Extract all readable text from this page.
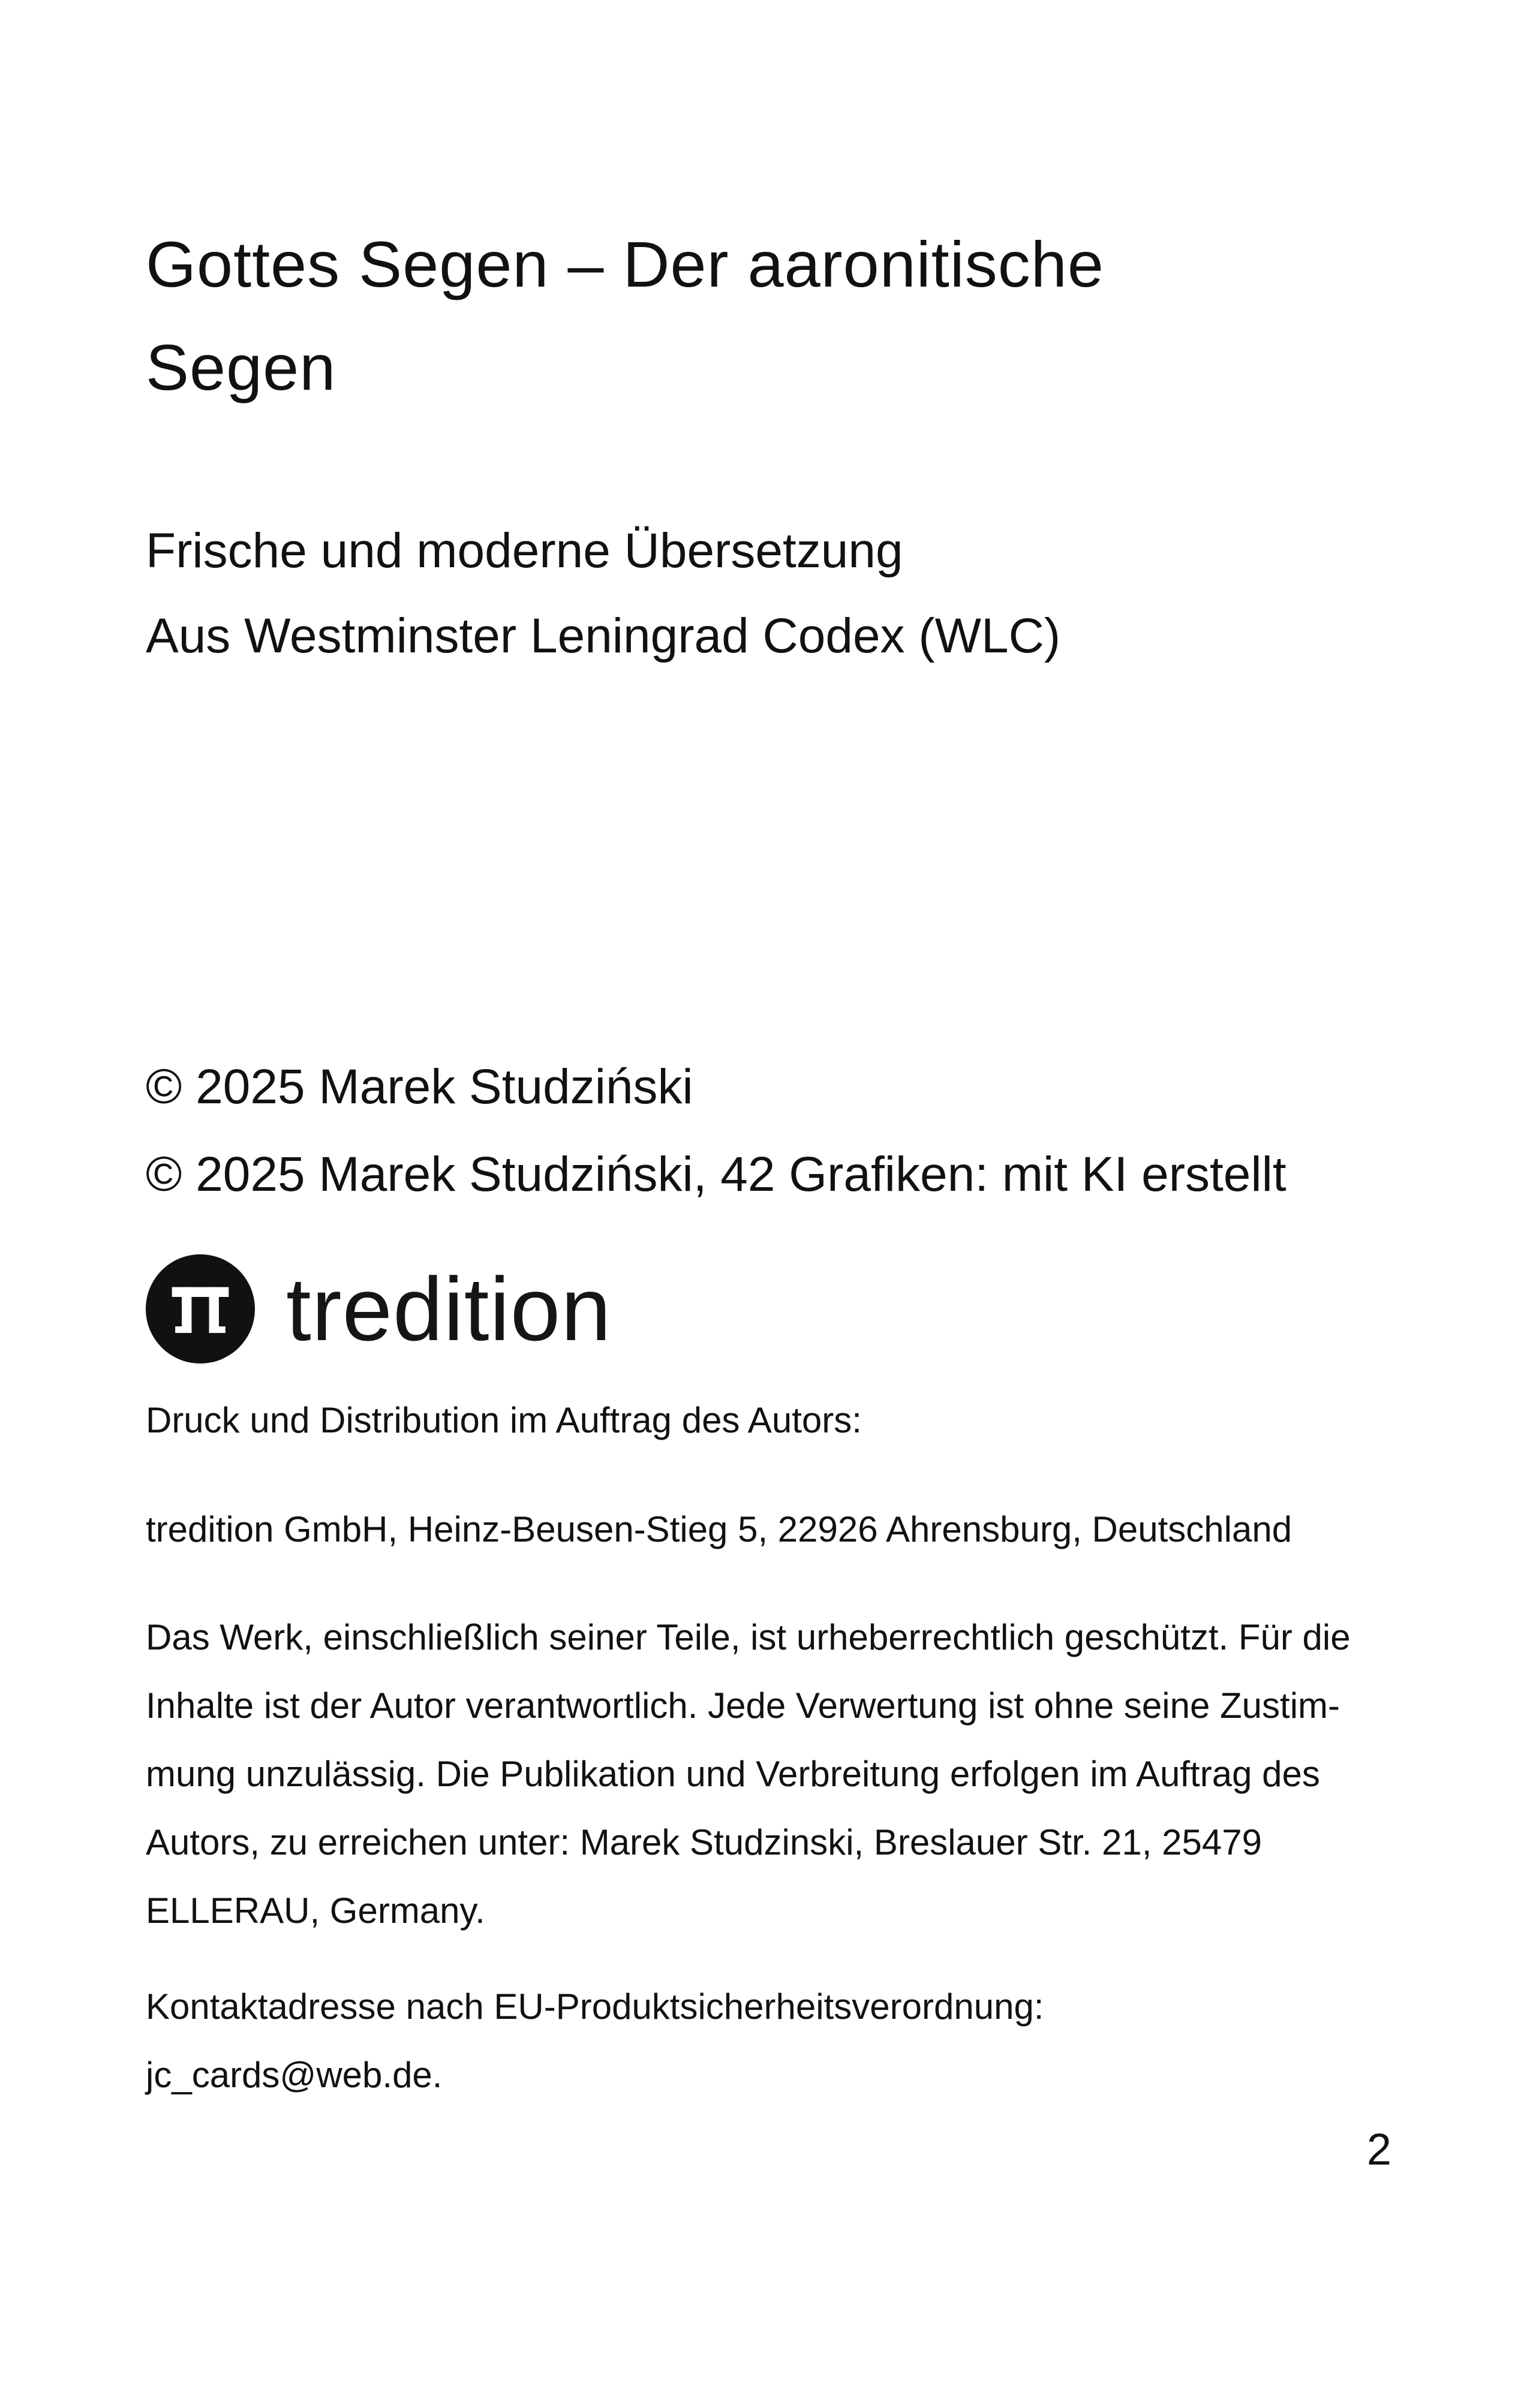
Gottes Segen – Der aaronitische
Segen
Frische und moderne Übersetzung
Aus Westminster Leningrad Codex (WLC)
© 2025 Marek Studziński
© 2025 Marek Studziński, 42 Grafiken: mit KI erstellt
tredition
Druck und Distribution im Auftrag des Autors:
tredition GmbH, Heinz-Beusen-Stieg 5, 22926 Ahrensburg, Deutschland
Das Werk, einschließlich seiner Teile, ist urheberrechtlich geschützt. Für die
Inhalte ist der Autor verantwortlich. Jede Verwertung ist ohne seine Zustim-
mung unzulässig. Die Publikation und Verbreitung erfolgen im Auftrag des
Autors, zu erreichen unter: Marek Studzinski, Breslauer Str. 21, 25479
ELLERAU, Germany.
Kontaktadresse nach EU-Produktsicherheitsverordnung:
jc_cards@web.de.
2
